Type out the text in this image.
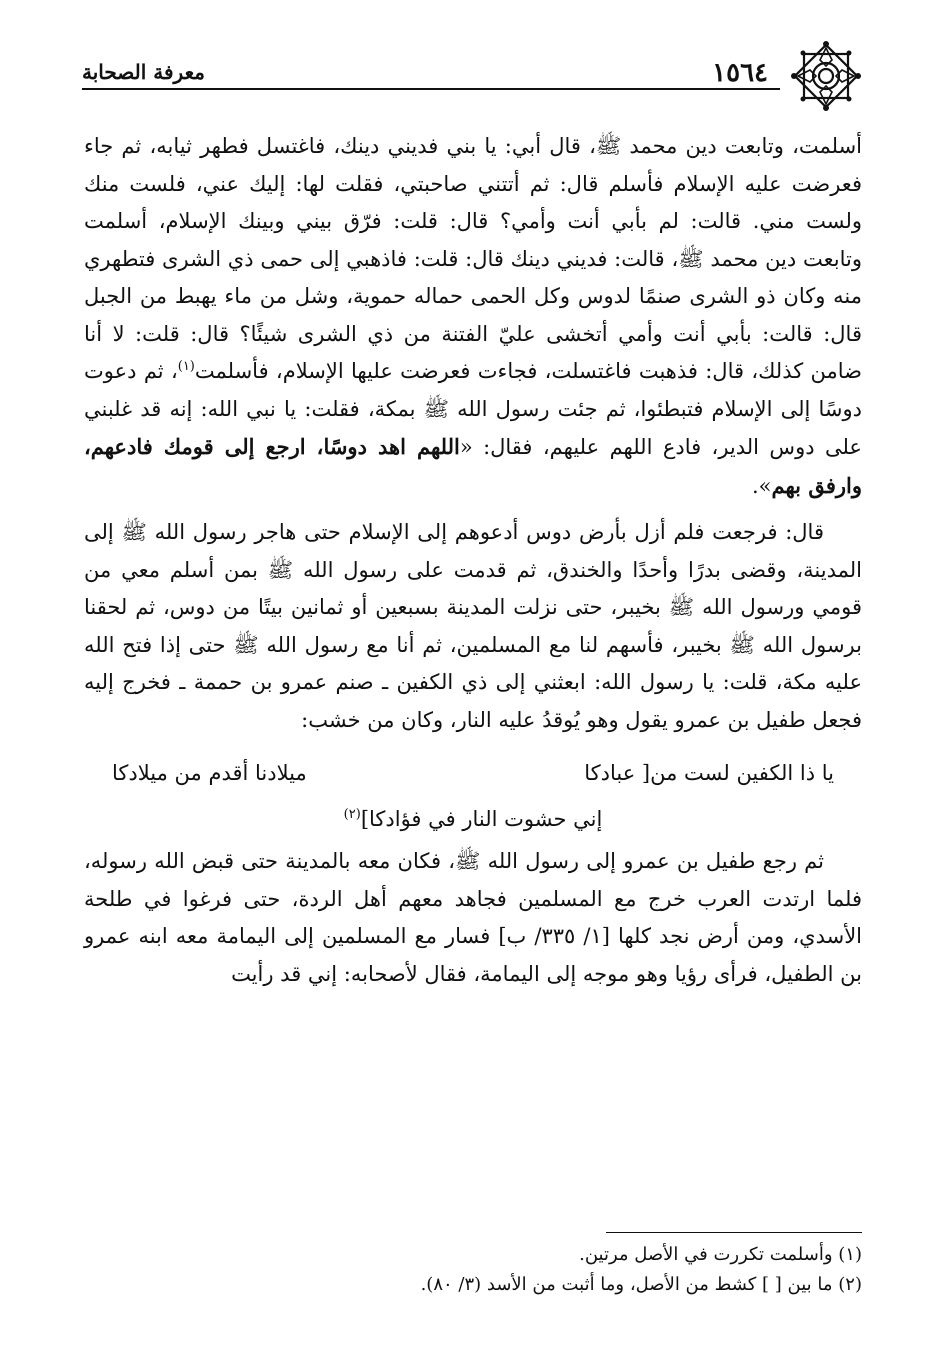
١٥٦٤
معرفة الصحابة

أسلمت، وتابعت دين محمد ﷺ، قال أبي: يا بني فديني دينك، فاغتسل فطهر ثيابه، ثم جاء فعرضت عليه الإسلام فأسلم قال: ثم أتتني صاحبتي، فقلت لها: إليك عني، فلست منك ولست مني. قالت: لم بأبي أنت وأمي؟ قال: قلت: فرّق بيني وبينك الإسلام، أسلمت وتابعت دين محمد ﷺ، قالت: فديني دينك قال: قلت: فاذهبي إلى حمى ذي الشرى فتطهري منه وكان ذو الشرى صنمًا لدوس وكل الحمى حماله حموية، وشل من ماء يهبط من الجبل قال: قالت: بأبي أنت وأمي أتخشى عليّ الفتنة من ذي الشرى شيئًا؟ قال: قلت: لا أنا ضامن كذلك، قال: فذهبت فاغتسلت، فجاءت فعرضت عليها الإسلام، فأسلمت$^{(١)}$، ثم دعوت دوسًا إلى الإسلام فتبطئوا، ثم جئت رسول الله ﷺ بمكة، فقلت: يا نبي الله: إنه قد غلبني على دوس الدير، فادع اللهم عليهم، فقال: «اللهم اهد دوسًا، ارجع إلى قومك فادعهم، وارفق بهم».

قال: فرجعت فلم أزل بأرض دوس أدعوهم إلى الإسلام حتى هاجر رسول الله ﷺ إلى المدينة، وقضى بدرًا وأحدًا والخندق، ثم قدمت على رسول الله ﷺ بمن أسلم معي من قومي ورسول الله ﷺ بخيبر، حتى نزلت المدينة بسبعين أو ثمانين بيتًا من دوس، ثم لحقنا برسول الله ﷺ بخيبر، فأسهم لنا مع المسلمين، ثم أنا مع رسول الله ﷺ حتى إذا فتح الله عليه مكة، قلت: يا رسول الله: ابعثني إلى ذي الكفين ـ صنم عمرو بن حممة ـ فخرج إليه فجعل طفيل بن عمرو يقول وهو يُوقدُ عليه النار، وكان من خشب:

يا ذا الكفين لست من[ عبادكا
ميلادنا أقدم من ميلادكا
إني حشوت النار في فؤادكا]$^{(٢)}$

ثم رجع طفيل بن عمرو إلى رسول الله ﷺ، فكان معه بالمدينة حتى قبض الله رسوله، فلما ارتدت العرب خرج مع المسلمين فجاهد معهم أهل الردة، حتى فرغوا في طلحة الأسدي، ومن أرض نجد كلها [١/ ٣٣٥/ ب] فسار مع المسلمين إلى اليمامة معه ابنه عمرو بن الطفيل، فرأى رؤيا وهو موجه إلى اليمامة، فقال لأصحابه: إني قد رأيت

(١) وأسلمت تكررت في الأصل مرتين.

(٢) ما بين [ ] كشط من الأصل، وما أثبت من الأسد (٣/ ٨٠).
